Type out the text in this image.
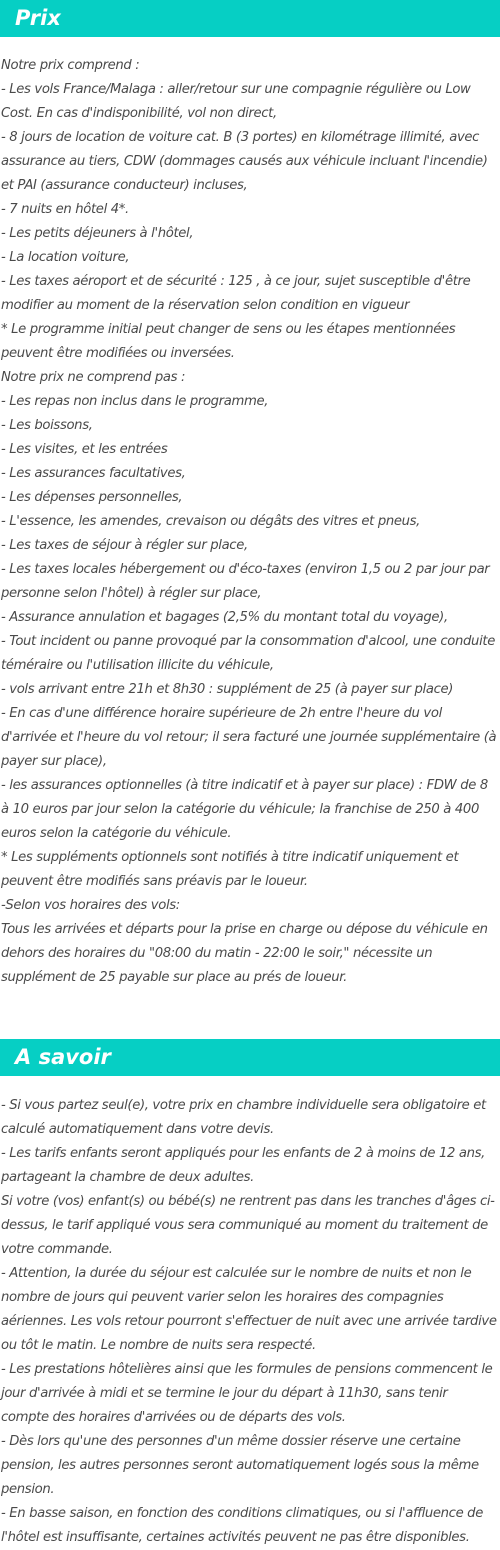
Prix
Notre prix comprend :
- Les vols France/Malaga : aller/retour sur une compagnie régulière ou Low Cost. En cas d'indisponibilité, vol non direct,
- 8 jours de location de voiture cat. B (3 portes) en kilométrage illimité, avec assurance au tiers, CDW (dommages causés aux véhicule incluant l'incendie) et PAI (assurance conducteur) incluses,
- 7 nuits en hôtel 4*.
- Les petits déjeuners à l'hôtel,
- La location voiture,
- Les taxes aéroport et de sécurité : 125 , à ce jour, sujet susceptible d'être modifier au moment de la réservation selon condition en vigueur
* Le programme initial peut changer de sens ou les étapes mentionnées peuvent être modifiées ou inversées.
Notre prix ne comprend pas :
- Les repas non inclus dans le programme,
- Les boissons,
- Les visites, et les entrées
- Les assurances facultatives,
- Les dépenses personnelles,
- L'essence, les amendes, crevaison ou dégâts des vitres et pneus,
- Les taxes de séjour à régler sur place,
- Les taxes locales hébergement ou d'éco-taxes (environ 1,5 ou 2 par jour par personne selon l'hôtel) à régler sur place,
- Assurance annulation et bagages (2,5% du montant total du voyage),
- Tout incident ou panne provoqué par la consommation d'alcool, une conduite téméraire ou l'utilisation illicite du véhicule,
- vols arrivant entre 21h et 8h30 : supplément de 25 (à payer sur place)
- En cas d'une différence horaire supérieure de 2h entre l'heure du vol d'arrivée et l'heure du vol retour; il sera facturé une journée supplémentaire (à payer sur place),
- les assurances optionnelles (à titre indicatif et à payer sur place) : FDW de 8 à 10 euros par jour selon la catégorie du véhicule; la franchise de 250 à 400 euros selon la catégorie du véhicule.
* Les suppléments optionnels sont notifiés à titre indicatif uniquement et peuvent être modifiés sans préavis par le loueur.
-Selon vos horaires des vols:
Tous les arrivées et départs pour la prise en charge ou dépose du véhicule en dehors des horaires du "08:00 du matin - 22:00 le soir," nécessite un supplément de 25 payable sur place au prés de loueur.
A savoir
- Si vous partez seul(e), votre prix en chambre individuelle sera obligatoire et calculé automatiquement dans votre devis.
- Les tarifs enfants seront appliqués pour les enfants de 2 à moins de 12 ans, partageant la chambre de deux adultes.
Si votre (vos) enfant(s) ou bébé(s) ne rentrent pas dans les tranches d'âges ci-dessus, le tarif appliqué vous sera communiqué au moment du traitement de votre commande.
- Attention, la durée du séjour est calculée sur le nombre de nuits et non le nombre de jours qui peuvent varier selon les horaires des compagnies aériennes. Les vols retour pourront s'effectuer de nuit avec une arrivée tardive ou tôt le matin. Le nombre de nuits sera respecté.
- Les prestations hôtelières ainsi que les formules de pensions commencent le jour d'arrivée à midi et se termine le jour du départ à 11h30, sans tenir compte des horaires d'arrivées ou de départs des vols.
- Dès lors qu'une des personnes d'un même dossier réserve une certaine pension, les autres personnes seront automatiquement logés sous la même pension.
- En basse saison, en fonction des conditions climatiques, ou si l'affluence de l'hôtel est insuffisante, certaines activités peuvent ne pas être disponibles.
